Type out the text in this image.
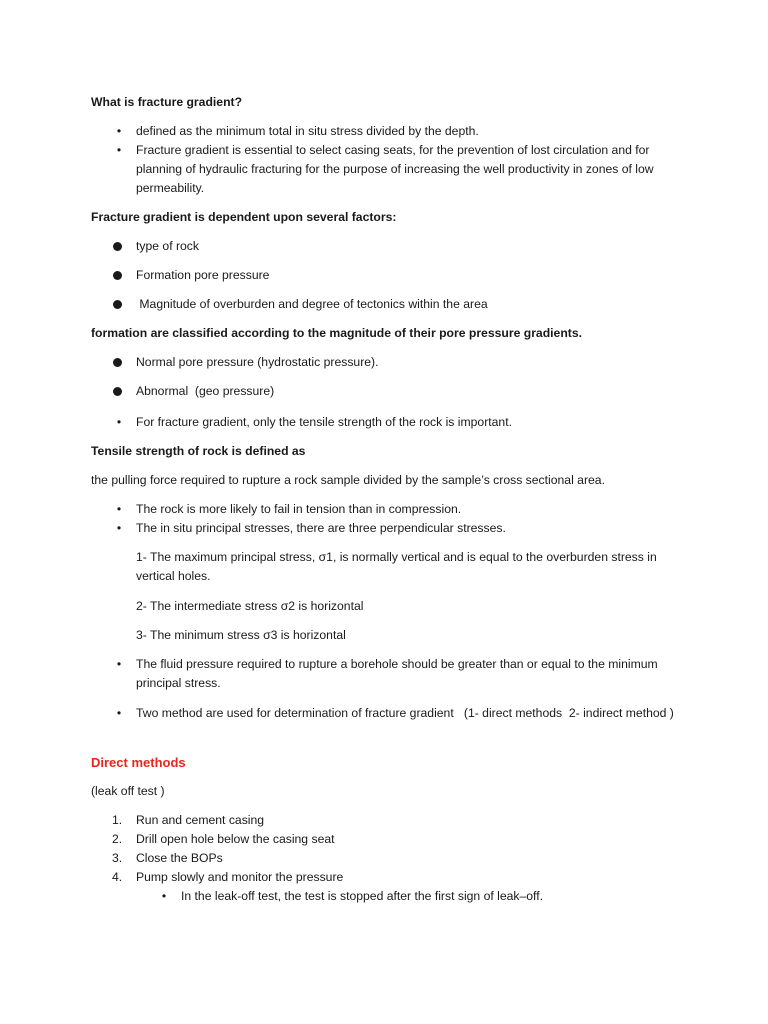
What is fracture gradient?
• defined as the minimum total in situ stress divided by the depth.
• Fracture gradient is essential to select casing seats, for the prevention of lost circulation and for planning of hydraulic fracturing for the purpose of increasing the well productivity in zones of low permeability.
Fracture gradient is dependent upon several factors:
type of rock
Formation pore pressure
Magnitude of overburden and degree of tectonics within the area
formation are classified according to the magnitude of their pore pressure gradients.
Normal pore pressure (hydrostatic pressure).
Abnormal  (geo pressure)
• For fracture gradient, only the tensile strength of the rock is important.
Tensile strength of rock is defined as
the pulling force required to rupture a rock sample divided by the sample’s cross sectional area.
• The rock is more likely to fail in tension than in compression.
• The in situ principal stresses, there are three perpendicular stresses.
1- The maximum principal stress, σ1, is normally vertical and is equal to the overburden stress in vertical holes.
2- The intermediate stress σ2 is horizontal
3- The minimum stress σ3 is horizontal
• The fluid pressure required to rupture a borehole should be greater than or equal to the minimum principal stress.
• Two method are used for determination of fracture gradient   (1- direct methods  2- indirect method )
Direct methods
(leak off test )
1.	Run and cement casing
2.	Drill open hole below the casing seat
3.	Close the BOPs
4.	Pump slowly and monitor the pressure
• In the leak-off test, the test is stopped after the first sign of leak–off.
